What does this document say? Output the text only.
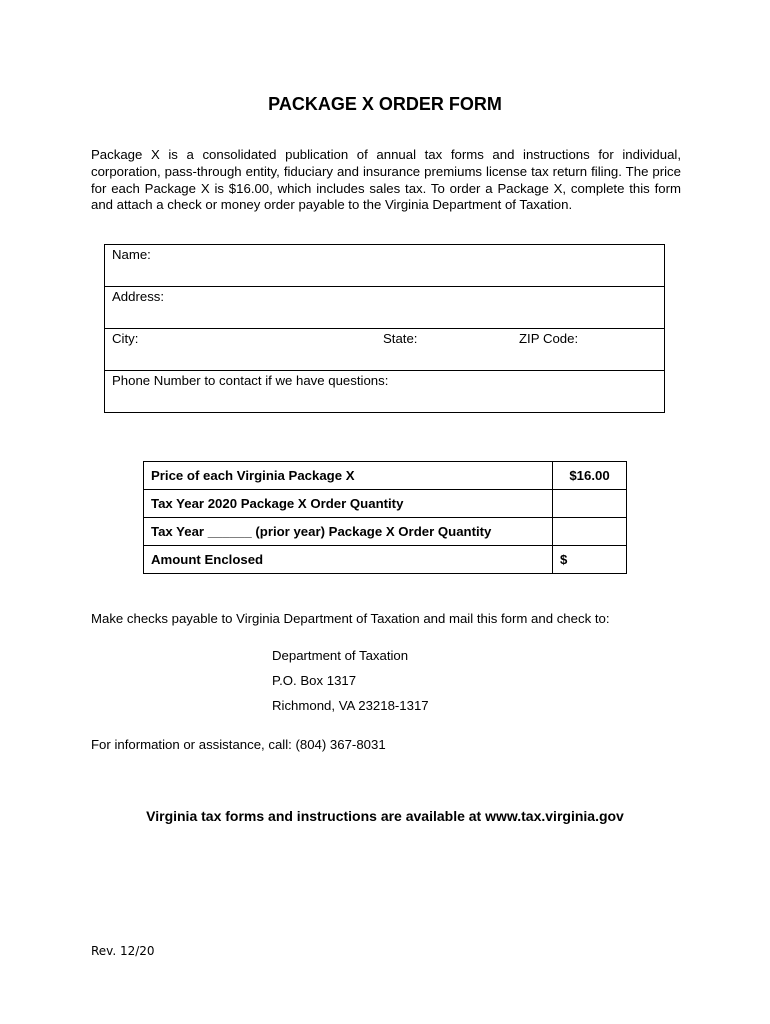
PACKAGE X ORDER FORM
Package X is a consolidated publication of annual tax forms and instructions for individual, corporation, pass-through entity, fiduciary and insurance premiums license tax return filing. The price for each Package X is $16.00, which includes sales tax. To order a Package X, complete this form and attach a check or money order payable to the Virginia Department of Taxation.
Name:
Address:
City:	State:	ZIP Code:
Phone Number to contact if we have questions:
Price of each Virginia Package X	$16.00
Tax Year 2020 Package X Order Quantity	
Tax Year ______ (prior year) Package X Order Quantity	
Amount Enclosed	$
Make checks payable to Virginia Department of Taxation and mail this form and check to:
Department of Taxation
P.O. Box 1317
Richmond, VA 23218-1317
For information or assistance, call: (804) 367-8031
Virginia tax forms and instructions are available at www.tax.virginia.gov
Rev. 12/20
